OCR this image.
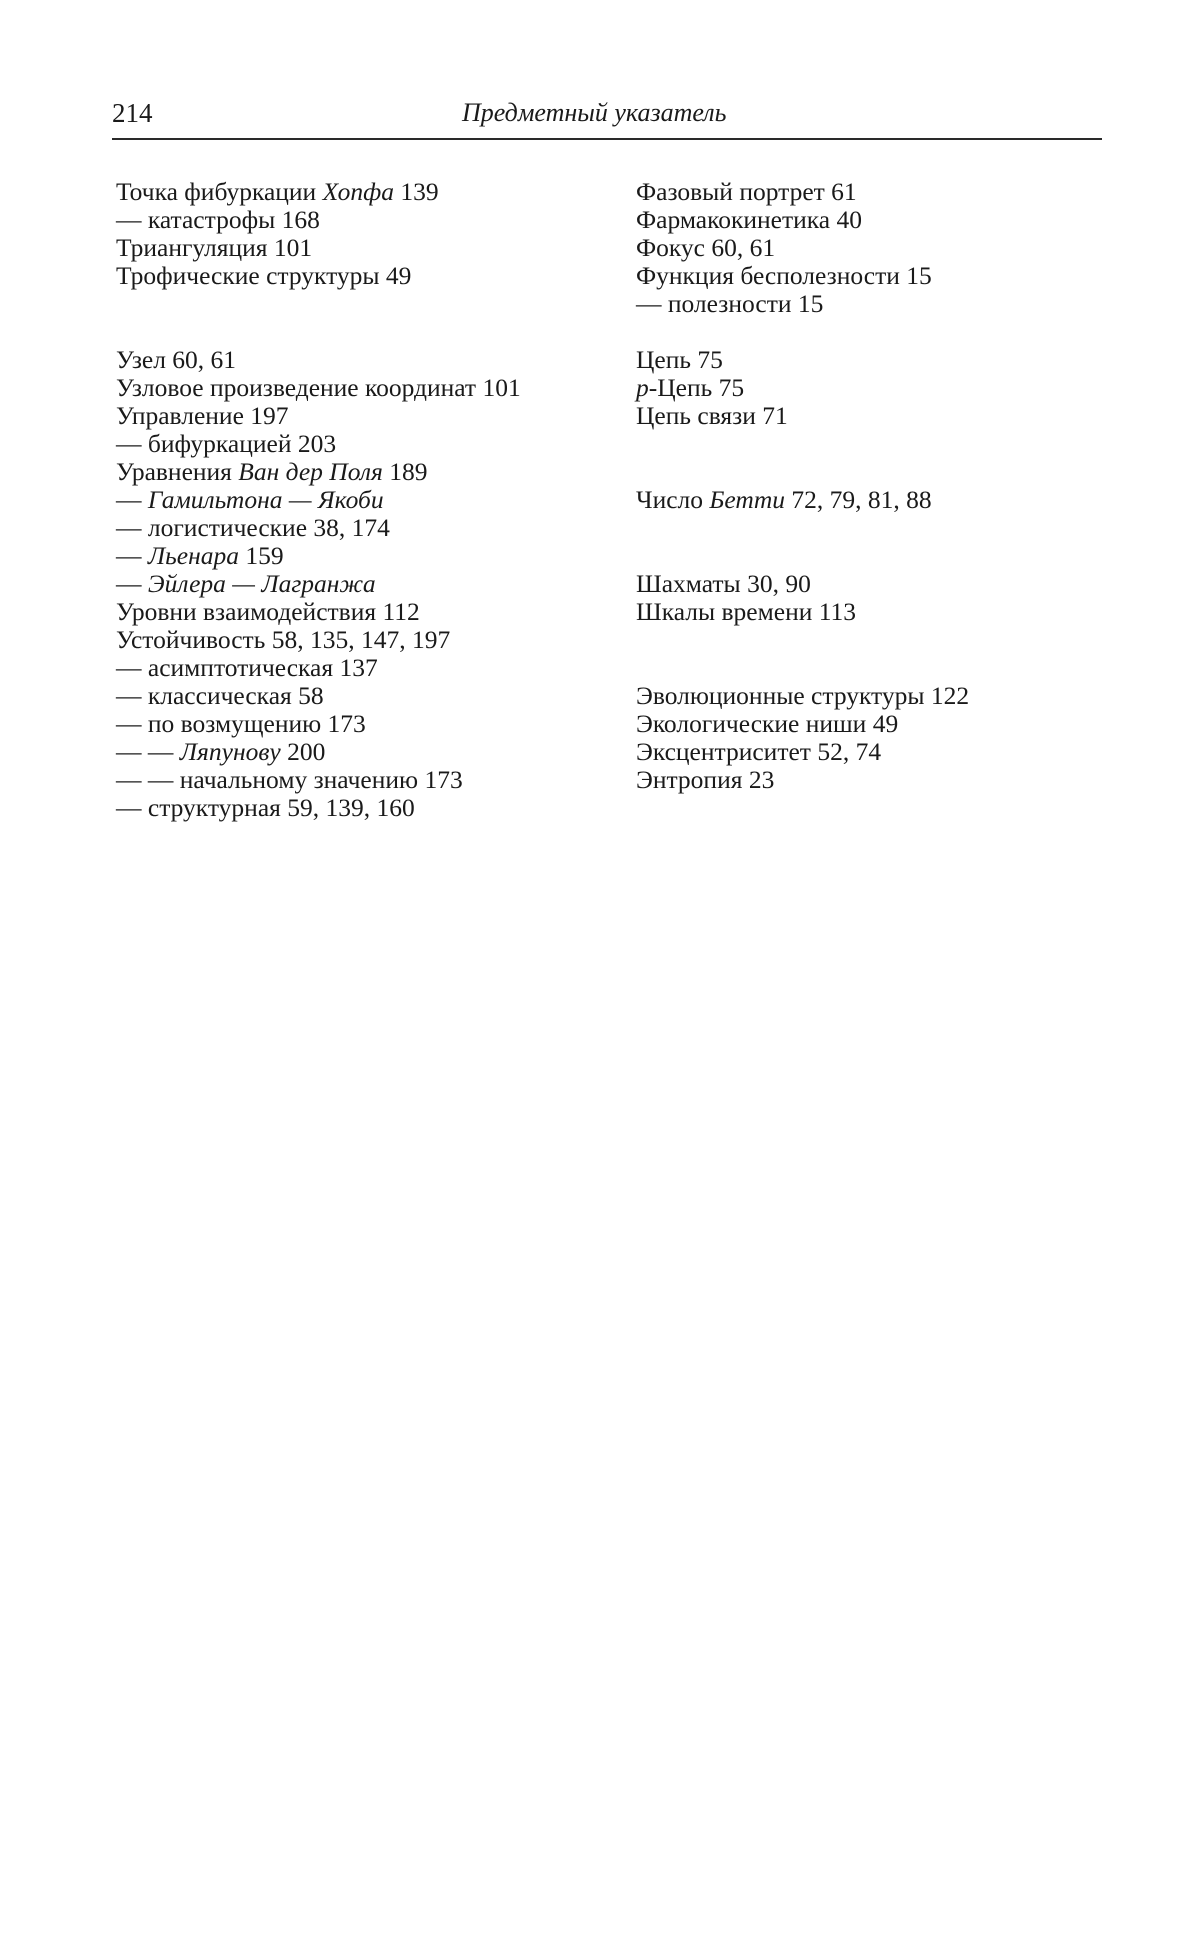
214	Предметный указатель
Точка фибуркации Хопфа 139
— катастрофы 168
Триангуляция 101
Трофические структуры 49
Узел 60, 61
Узловое произведение координат 101
Управление 197
— бифуркацией 203
Уравнения Ван дер Поля 189
— Гамильтона — Якоби
— логистические 38, 174
— Льенара 159
— Эйлера — Лагранжа
Уровни взаимодействия 112
Устойчивость 58, 135, 147, 197
— асимптотическая 137
— классическая 58
— по возмущению 173
— — Ляпунову 200
— — начальному значению 173
— структурная 59, 139, 160
Фазовый портрет 61
Фармакокинетика 40
Фокус 60, 61
Функция бесполезности 15
— полезности 15
Цепь 75
p-Цепь 75
Цепь связи 71
Число Бетти 72, 79, 81, 88
Шахматы 30, 90
Шкалы времени 113
Эволюционные структуры 122
Экологические ниши 49
Эксцентриситет 52, 74
Энтропия 23
